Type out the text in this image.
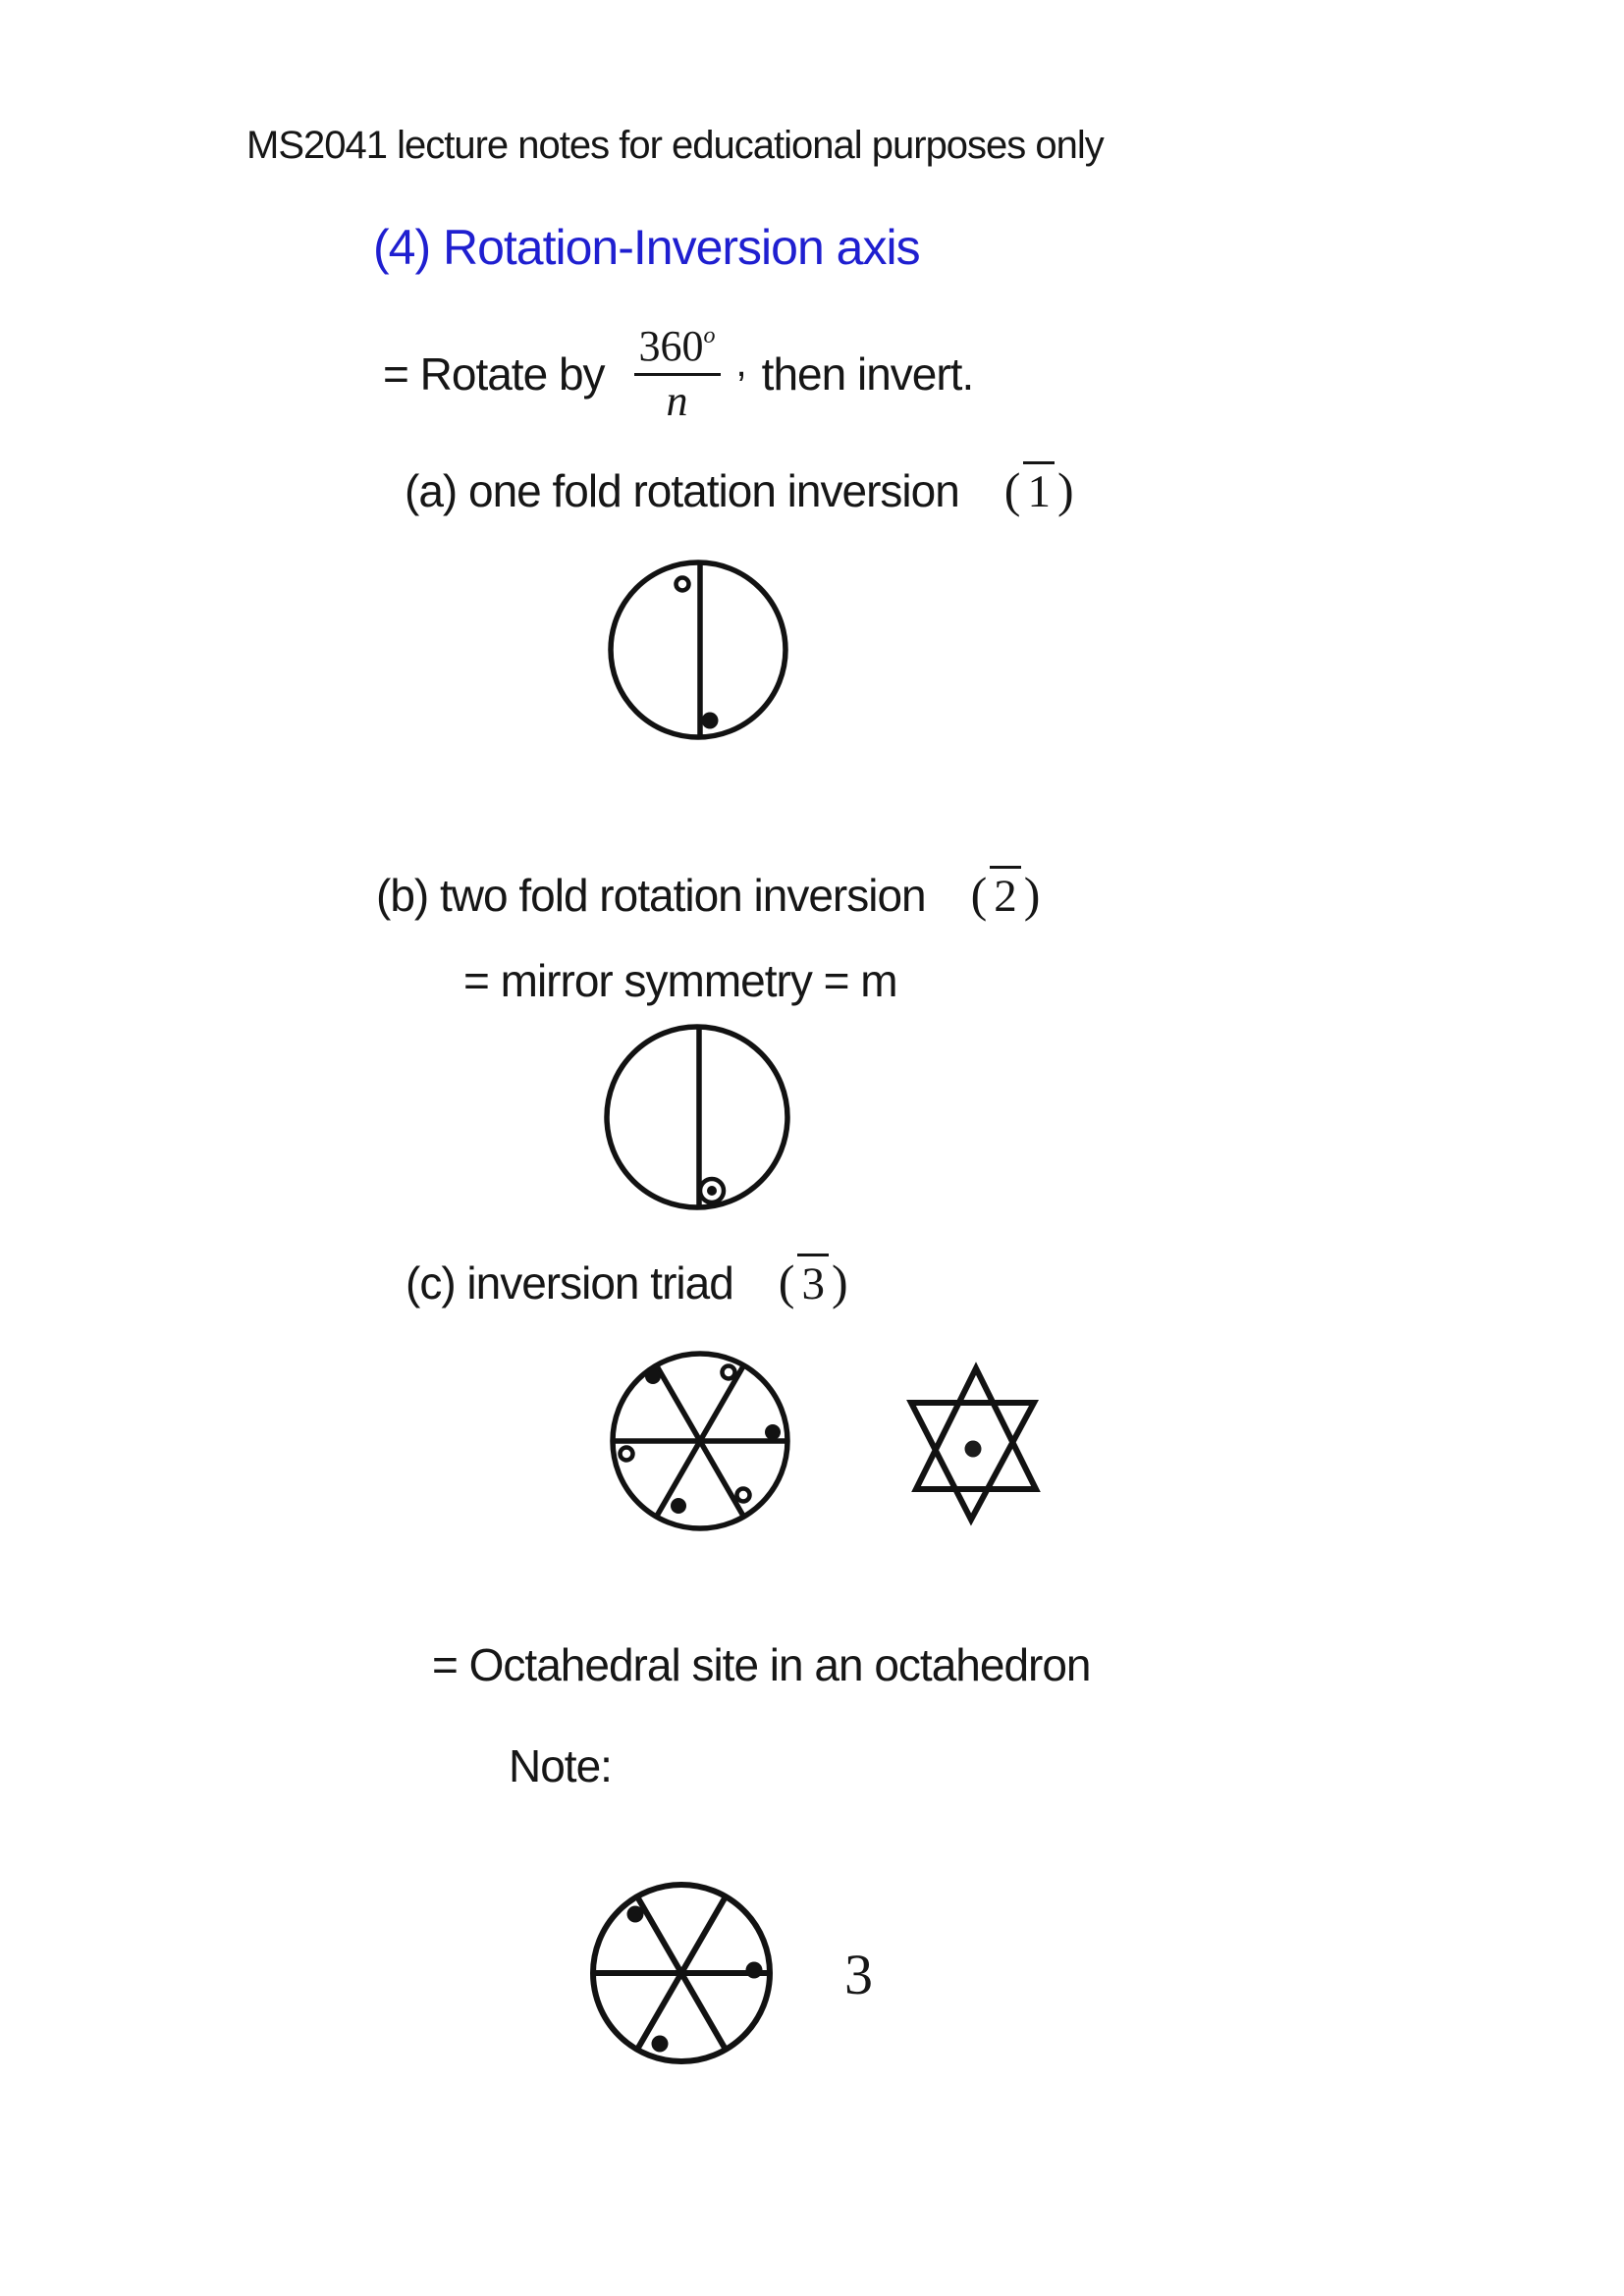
MS2041 lecture notes for educational purposes only
(4) Rotation-Inversion axis
= Rotate by $\frac{360^o}{n}$ , then invert.
(a) one fold rotation inversion ( 1 )
(b) two fold rotation inversion ( 2 )
= mirror symmetry = m
(c) inversion triad ( 3 )
= Octahedral site in an octahedron
Note:
3
